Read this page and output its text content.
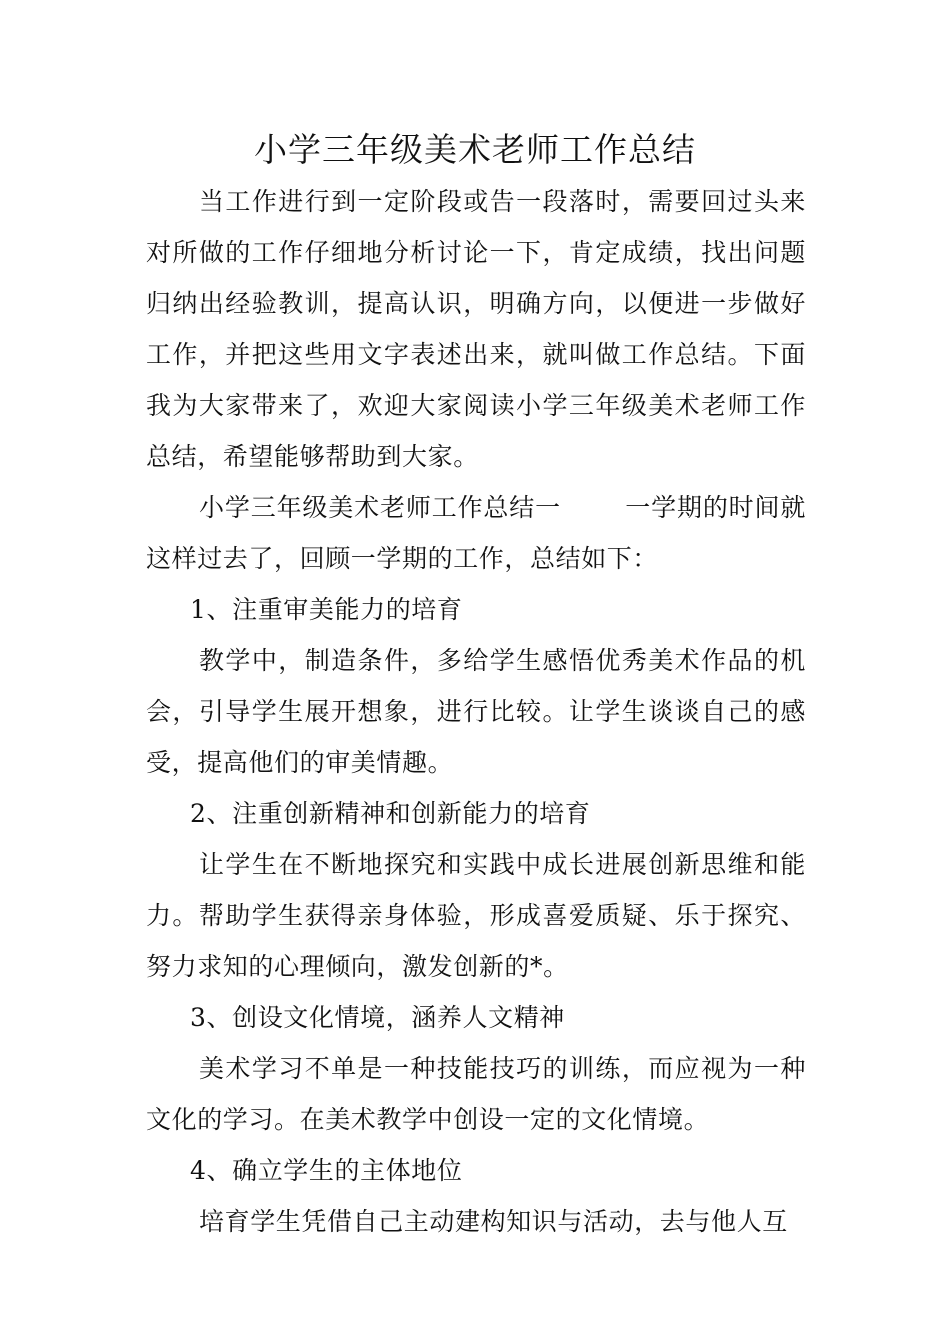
小学三年级美术老师工作总结

当工作进行到一定阶段或告一段落时，需要回过头来对所做的工作仔细地分析讨论一下，肯定成绩，找出问题归纳出经验教训，提高认识，明确方向，以便进一步做好工作，并把这些用文字表述出来，就叫做工作总结。下面我为大家带来了，欢迎大家阅读小学三年级美术老师工作总结，希望能够帮助到大家。

小学三年级美术老师工作总结一	一学期的时间就这样过去了，回顾一学期的工作，总结如下：

1、注重审美能力的培育

教学中，制造条件，多给学生感悟优秀美术作品的机会，引导学生展开想象，进行比较。让学生谈谈自己的感受，提高他们的审美情趣。

2、注重创新精神和创新能力的培育

让学生在不断地探究和实践中成长进展创新思维和能力。帮助学生获得亲身体验，形成喜爱质疑、乐于探究、努力求知的心理倾向，激发创新的*。

3、创设文化情境，涵养人文精神

美术学习不单是一种技能技巧的训练，而应视为一种文化的学习。在美术教学中创设一定的文化情境。

4、确立学生的主体地位

培育学生凭借自己主动建构知识与活动，去与他人互
